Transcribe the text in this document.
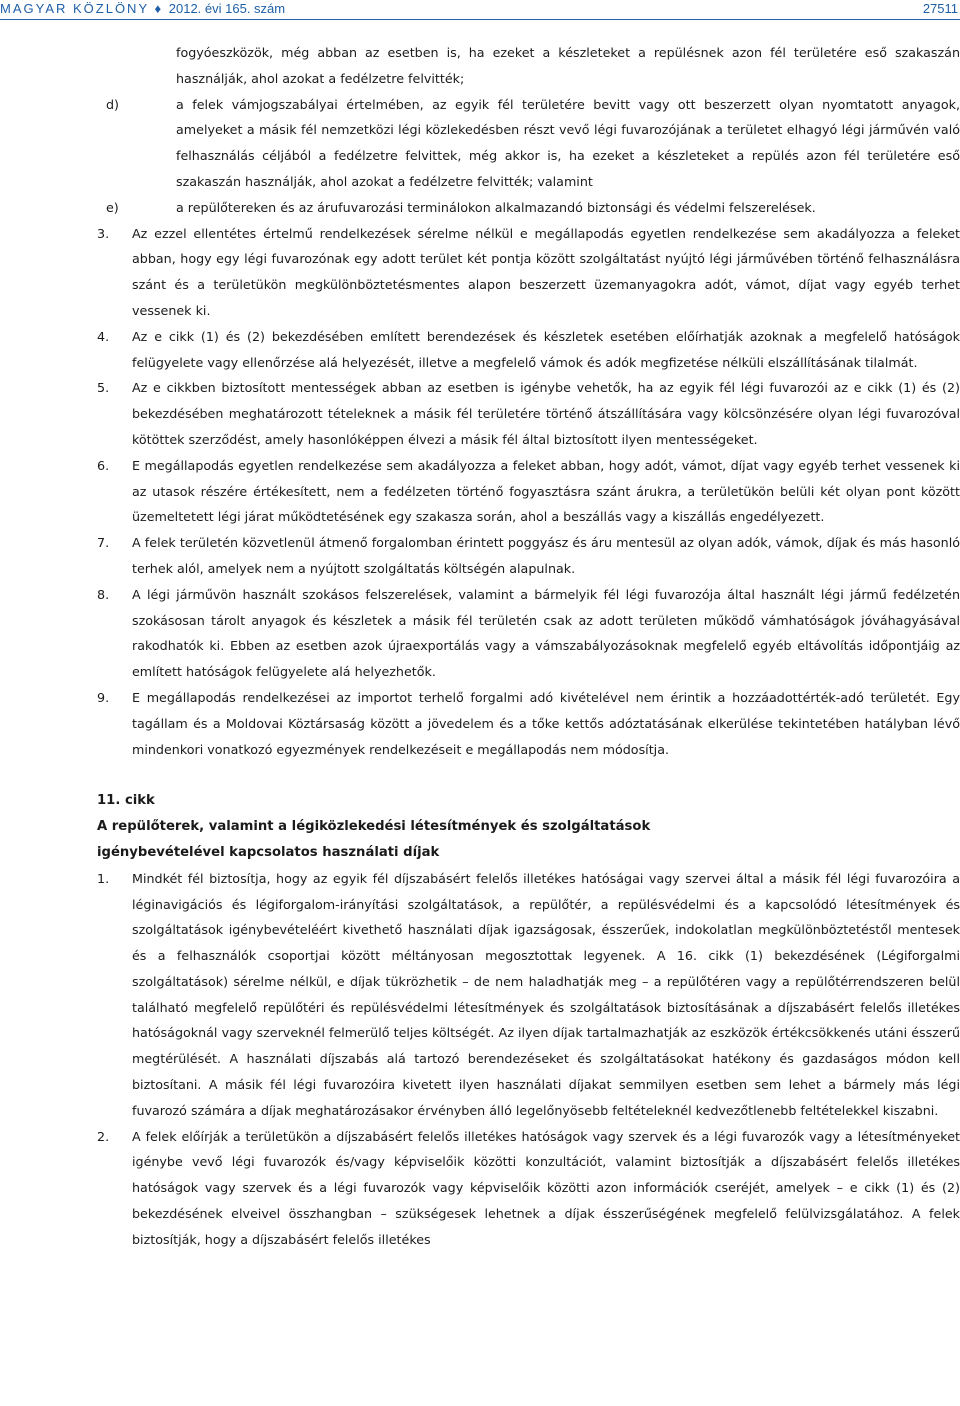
MAGYAR KÖZLÖNY ♦ 2012. évi 165. szám	27511
fogyóeszközök, még abban az esetben is, ha ezeket a készleteket a repülésnek azon fél területére eső szakaszán használják, ahol azokat a fedélzetre felvitték;
d)	a felek vámjogszabályai értelmében, az egyik fél területére bevitt vagy ott beszerzett olyan nyomtatott anyagok, amelyeket a másik fél nemzetközi légi közlekedésben részt vevő légi fuvarozójának a területet elhagyó légi járművén való felhasználás céljából a fedélzetre felvittek, még akkor is, ha ezeket a készleteket a repülés azon fél területére eső szakaszán használják, ahol azokat a fedélzetre felvitték; valamint
e)	a repülőtereken és az árufuvarozási terminálokon alkalmazandó biztonsági és védelmi felszerelések.
3. Az ezzel ellentétes értelmű rendelkezések sérelme nélkül e megállapodás egyetlen rendelkezése sem akadályozza a feleket abban, hogy egy légi fuvarozónak egy adott terület két pontja között szolgáltatást nyújtó légi járművében történő felhasználásra szánt és a területükön megkülönböztetésmentes alapon beszerzett üzemanyagokra adót, vámot, díjat vagy egyéb terhet vessenek ki.
4. Az e cikk (1) és (2) bekezdésében említett berendezések és készletek esetében előírhatják azoknak a megfelelő hatóságok felügyelete vagy ellenőrzése alá helyezését, illetve a megfelelő vámok és adók megfizetése nélküli elszállításának tilalmát.
5. Az e cikkben biztosított mentességek abban az esetben is igénybe vehetők, ha az egyik fél légi fuvarozói az e cikk (1) és (2) bekezdésében meghatározott tételeknek a másik fél területére történő átszállítására vagy kölcsönzésére olyan légi fuvarozóval kötöttek szerződést, amely hasonlóképpen élvezi a másik fél által biztosított ilyen mentességeket.
6. E megállapodás egyetlen rendelkezése sem akadályozza a feleket abban, hogy adót, vámot, díjat vagy egyéb terhet vessenek ki az utasok részére értékesített, nem a fedélzeten történő fogyasztásra szánt árukra, a területükön belüli két olyan pont között üzemeltetett légi járat működtetésének egy szakasza során, ahol a beszállás vagy a kiszállás engedélyezett.
7. A felek területén közvetlenül átmenő forgalomban érintett poggyász és áru mentesül az olyan adók, vámok, díjak és más hasonló terhek alól, amelyek nem a nyújtott szolgáltatás költségén alapulnak.
8. A légi járművön használt szokásos felszerelések, valamint a bármelyik fél légi fuvarozója által használt légi jármű fedélzetén szokásosan tárolt anyagok és készletek a másik fél területén csak az adott területen működő vámhatóságok jóváhagyásával rakodhatók ki. Ebben az esetben azok újraexportálás vagy a vámszabályozásoknak megfelelő egyéb eltávolítás időpontjáig az említett hatóságok felügyelete alá helyezhetők.
9. E megállapodás rendelkezései az importot terhelő forgalmi adó kivételével nem érintik a hozzáadottérték-adó területét. Egy tagállam és a Moldovai Köztársaság között a jövedelem és a tőke kettős adóztatásának elkerülése tekintetében hatályban lévő mindenkori vonatkozó egyezmények rendelkezéseit e megállapodás nem módosítja.
11. cikk
A repülőterek, valamint a légiközlekedési létesítmények és szolgáltatások
igénybevételével kapcsolatos használati díjak
1. Mindkét fél biztosítja, hogy az egyik fél díjszabásért felelős illetékes hatóságai vagy szervei által a másik fél légi fuvarozóira a léginavigációs és légiforgalom-irányítási szolgáltatások, a repülőtér, a repülésvédelmi és a kapcsolódó létesítmények és szolgáltatások igénybevételéért kivethető használati díjak igazságosak, ésszerűek, indokolatlan megkülönböztetéstől mentesek és a felhasználók csoportjai között méltányosan megosztottak legyenek. A 16. cikk (1) bekezdésének (Légiforgalmi szolgáltatások) sérelme nélkül, e díjak tükrözhetik – de nem haladhatják meg – a repülőtéren vagy a repülőtérrendszeren belül található megfelelő repülőtéri és repülésvédelmi létesítmények és szolgáltatások biztosításának a díjszabásért felelős illetékes hatóságoknál vagy szerveknél felmerülő teljes költségét. Az ilyen díjak tartalmazhatják az eszközök értékcsökkenés utáni ésszerű megtérülését. A használati díjszabás alá tartozó berendezéseket és szolgáltatásokat hatékony és gazdaságos módon kell biztosítani. A másik fél légi fuvarozóira kivetett ilyen használati díjakat semmilyen esetben sem lehet a bármely más légi fuvarozó számára a díjak meghatározásakor érvényben álló legelőnyösebb feltételeknél kedvezőtlenebb feltételekkel kiszabni.
2. A felek előírják a területükön a díjszabásért felelős illetékes hatóságok vagy szervek és a légi fuvarozók vagy a létesítményeket igénybe vevő légi fuvarozók és/vagy képviselőik közötti konzultációt, valamint biztosítják a díjszabásért felelős illetékes hatóságok vagy szervek és a légi fuvarozók vagy képviselőik közötti azon információk cseréjét, amelyek – e cikk (1) és (2) bekezdésének elveivel összhangban – szükségesek lehetnek a díjak ésszerűségének megfelelő felülvizsgálatához. A felek biztosítják, hogy a díjszabásért felelős illetékes
